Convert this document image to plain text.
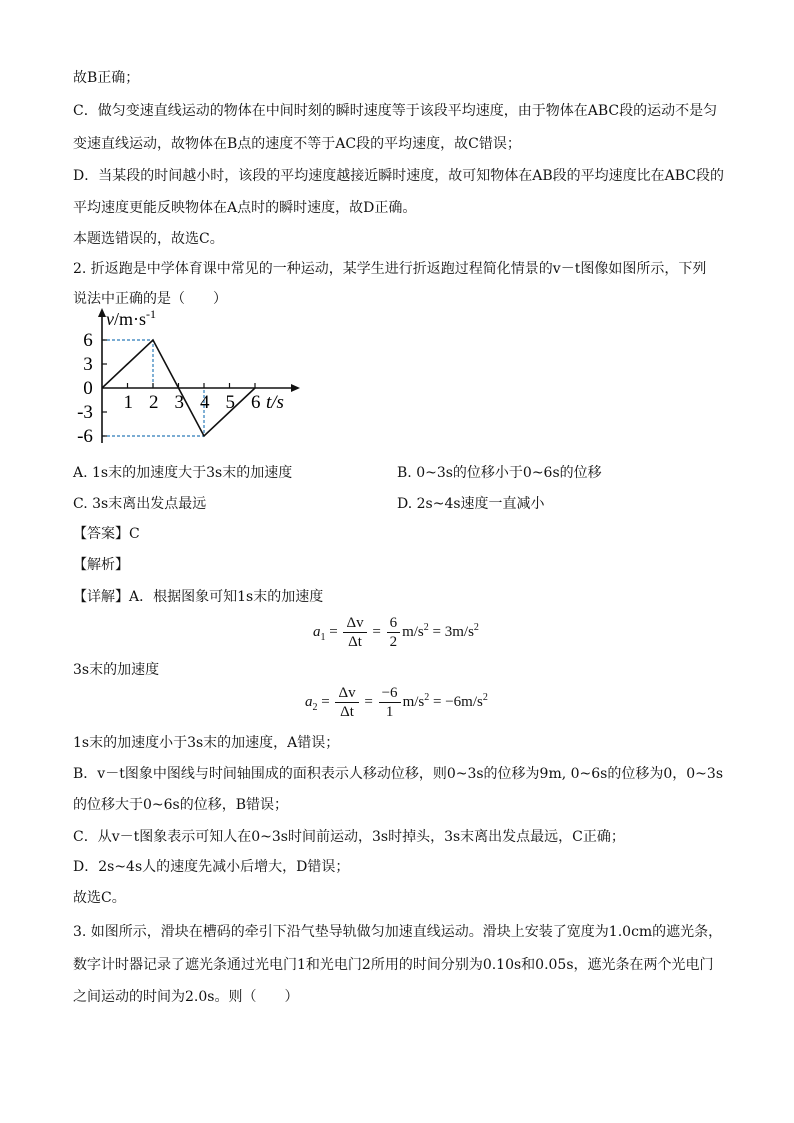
故B正确；
C．做匀变速直线运动的物体在中间时刻的瞬时速度等于该段平均速度，由于物体在ABC段的运动不是匀
变速直线运动，故物体在B点的速度不等于AC段的平均速度，故C错误；
D．当某段的时间越小时，该段的平均速度越接近瞬时速度，故可知物体在AB段的平均速度比在ABC段的
平均速度更能反映物体在A点时的瞬时速度，故D正确。
本题选错误的，故选C。
2. 折返跑是中学体育课中常见的一种运动，某学生进行折返跑过程简化情景的v－t图像如图所示，下列
说法中正确的是（　　）
1 2 3 4 5 6
6
3
0
-3
-6
$v/m\cdot s^{-1}$
t/s
A. 1s末的加速度大于3s末的加速度	B. 0~3s的位移小于0~6s的位移
C. 3s末离出发点最远	D. 2s~4s速度一直减小
【答案】C
【解析】
【详解】A．根据图象可知1s末的加速度
$a_1 = \frac{\Delta v}{\Delta t} = \frac{6}{2} m/s^2 = 3m/s^2$
3s末的加速度
$a_2 = \frac{\Delta v}{\Delta t} = \frac{-6}{1} m/s^2 = -6m/s^2$
1s末的加速度小于3s末的加速度，A错误；
B．v－t图象中图线与时间轴围成的面积表示人移动位移，则0~3s的位移为9m, 0~6s的位移为0，0~3s
的位移大于0~6s的位移，B错误；
C．从v－t图象表示可知人在0~3s时间前运动，3s时掉头，3s末离出发点最远，C正确；
D．2s~4s人的速度先减小后增大，D错误；
故选C。
3. 如图所示，滑块在槽码的牵引下沿气垫导轨做匀加速直线运动。滑块上安装了宽度为1.0cm的遮光条，
数字计时器记录了遮光条通过光电门1和光电门2所用的时间分别为0.10s和0.05s，遮光条在两个光电门
之间运动的时间为2.0s。则（　　）
